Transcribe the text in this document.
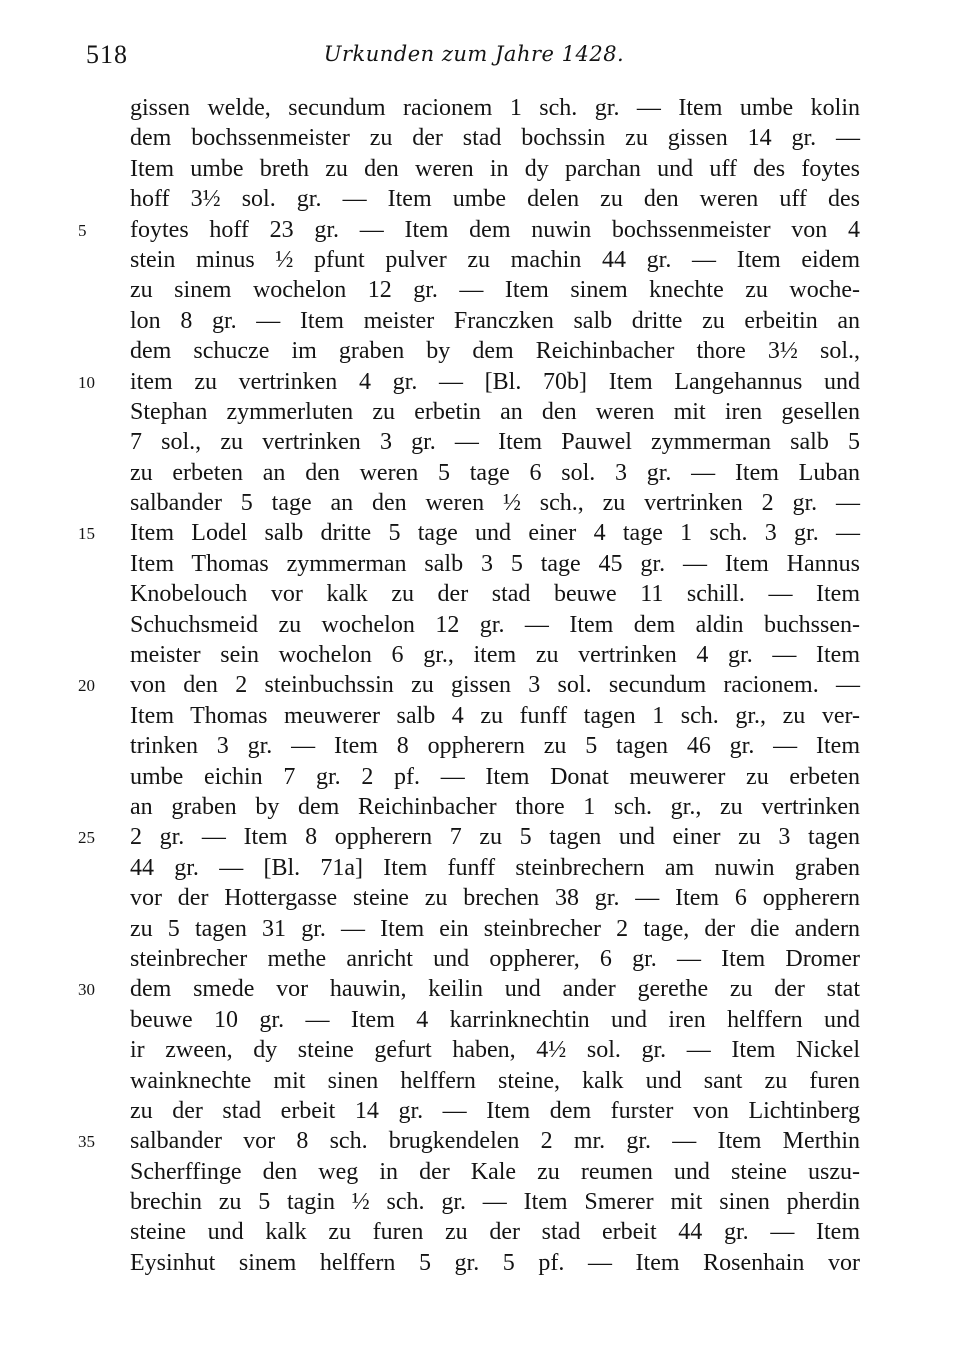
518	Urkunden zum Jahre 1428.
gissen welde, secundum racionem 1 sch. gr. — Item umbe kolin
dem bochssenmeister zu der stad bochssin zu gissen 14 gr. —
Item umbe breth zu den weren in dy parchan und uff des foytes
hoff 3½ sol. gr. — Item umbe delen zu den weren uff des
5	foytes hoff 23 gr. — Item dem nuwin bochssenmeister von 4
stein minus ½ pfunt pulver zu machin 44 gr. — Item eidem
zu sinem wochelon 12 gr. — Item sinem knechte zu woche-
lon 8 gr. — Item meister Franczken salb dritte zu erbeitin an
dem schucze im graben by dem Reichinbacher thore 3½ sol.,
10	item zu vertrinken 4 gr. — [Bl. 70b] Item Langehannus und
Stephan zymmerluten zu erbetin an den weren mit iren gesellen
7 sol., zu vertrinken 3 gr. — Item Pauwel zymmerman salb 5
zu erbeten an den weren 5 tage 6 sol. 3 gr. — Item Luban
salbander 5 tage an den weren ½ sch., zu vertrinken 2 gr. —
15	Item Lodel salb dritte 5 tage und einer 4 tage 1 sch. 3 gr. —
Item Thomas zymmerman salb 3 5 tage 45 gr. — Item Hannus
Knobelouch vor kalk zu der stad beuwe 11 schill. — Item
Schuchsmeid zu wochelon 12 gr. — Item dem aldin buchssen-
meister sein wochelon 6 gr., item zu vertrinken 4 gr. — Item
20	von den 2 steinbuchssin zu gissen 3 sol. secundum racionem. —
Item Thomas meuwerer salb 4 zu funff tagen 1 sch. gr., zu ver-
trinken 3 gr. — Item 8 oppherern zu 5 tagen 46 gr. — Item
umbe eichin 7 gr. 2 pf. — Item Donat meuwerer zu erbeten
an graben by dem Reichinbacher thore 1 sch. gr., zu vertrinken
25	2 gr. — Item 8 oppherern 7 zu 5 tagen und einer zu 3 tagen
44 gr. — [Bl. 71a] Item funff steinbrechern am nuwin graben
vor der Hottergasse steine zu brechen 38 gr. — Item 6 oppherern
zu 5 tagen 31 gr. — Item ein steinbrecher 2 tage, der die andern
steinbrecher methe anricht und oppherer, 6 gr. — Item Dromer
30	dem smede vor hauwin, keilin und ander gerethe zu der stat
beuwe 10 gr. — Item 4 karrinknechtin und iren helffern und
ir zween, dy steine gefurt haben, 4½ sol. gr. — Item Nickel
wainknechte mit sinen helffern steine, kalk und sant zu furen
zu der stad erbeit 14 gr. — Item dem furster von Lichtinberg
35	salbander vor 8 sch. brugkendelen 2 mr. gr. — Item Merthin
Scherffinge den weg in der Kale zu reumen und steine uszu-
brechin zu 5 tagin ½ sch. gr. — Item Smerer mit sinen pherdin
steine und kalk zu furen zu der stad erbeit 44 gr. — Item
Eysinhut sinem helffern 5 gr. 5 pf. — Item Rosenhain vor
